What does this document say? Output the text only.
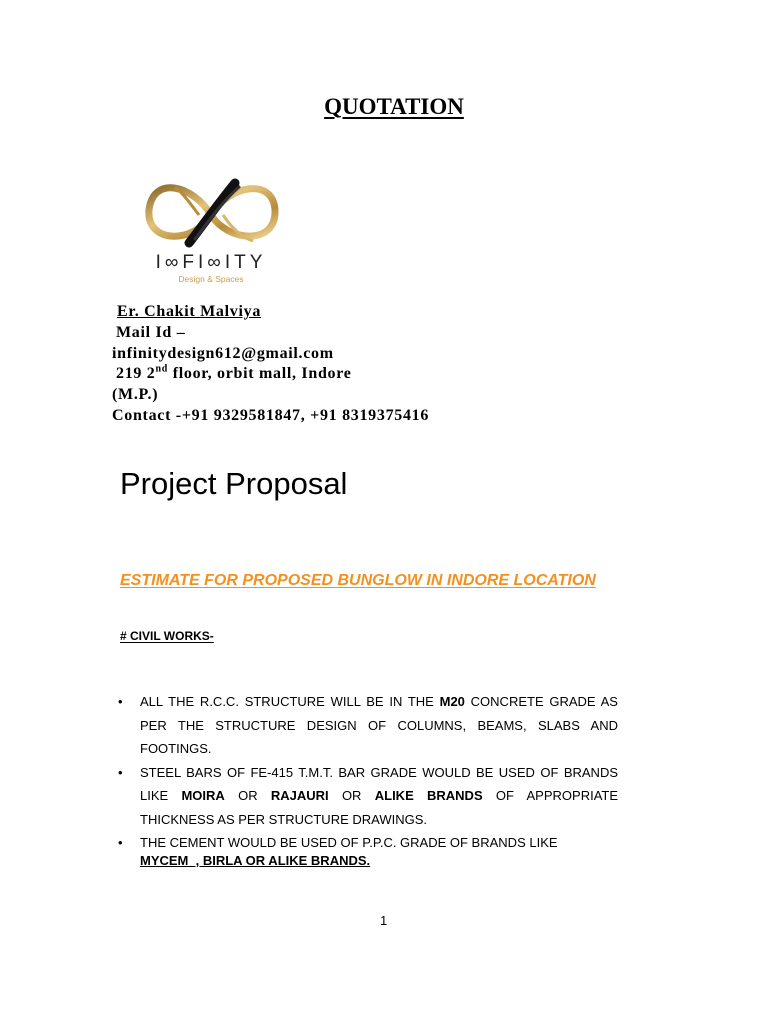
QUOTATION
I∞FI∞ITY
Design & Spaces
Er. Chakit Malviya
Mail Id –
infinitydesign612@gmail.com
219 2nd floor, orbit mall, Indore
(M.P.)
Contact -+91 9329581847, +91 8319375416
Project Proposal
ESTIMATE FOR PROPOSED BUNGLOW IN INDORE LOCATION
# CIVIL WORKS-
• ALL THE R.C.C. STRUCTURE WILL BE IN THE M20 CONCRETE GRADE AS PER THE STRUCTURE DESIGN OF COLUMNS, BEAMS, SLABS AND FOOTINGS.
• STEEL BARS OF FE-415 T.M.T. BAR GRADE WOULD BE USED OF BRANDS LIKE MOIRA OR RAJAURI OR ALIKE BRANDS OF APPROPRIATE THICKNESS AS PER STRUCTURE DRAWINGS.
• THE CEMENT WOULD BE USED OF P.P.C. GRADE OF BRANDS LIKE
MYCEM  , BIRLA OR ALIKE BRANDS.
1
